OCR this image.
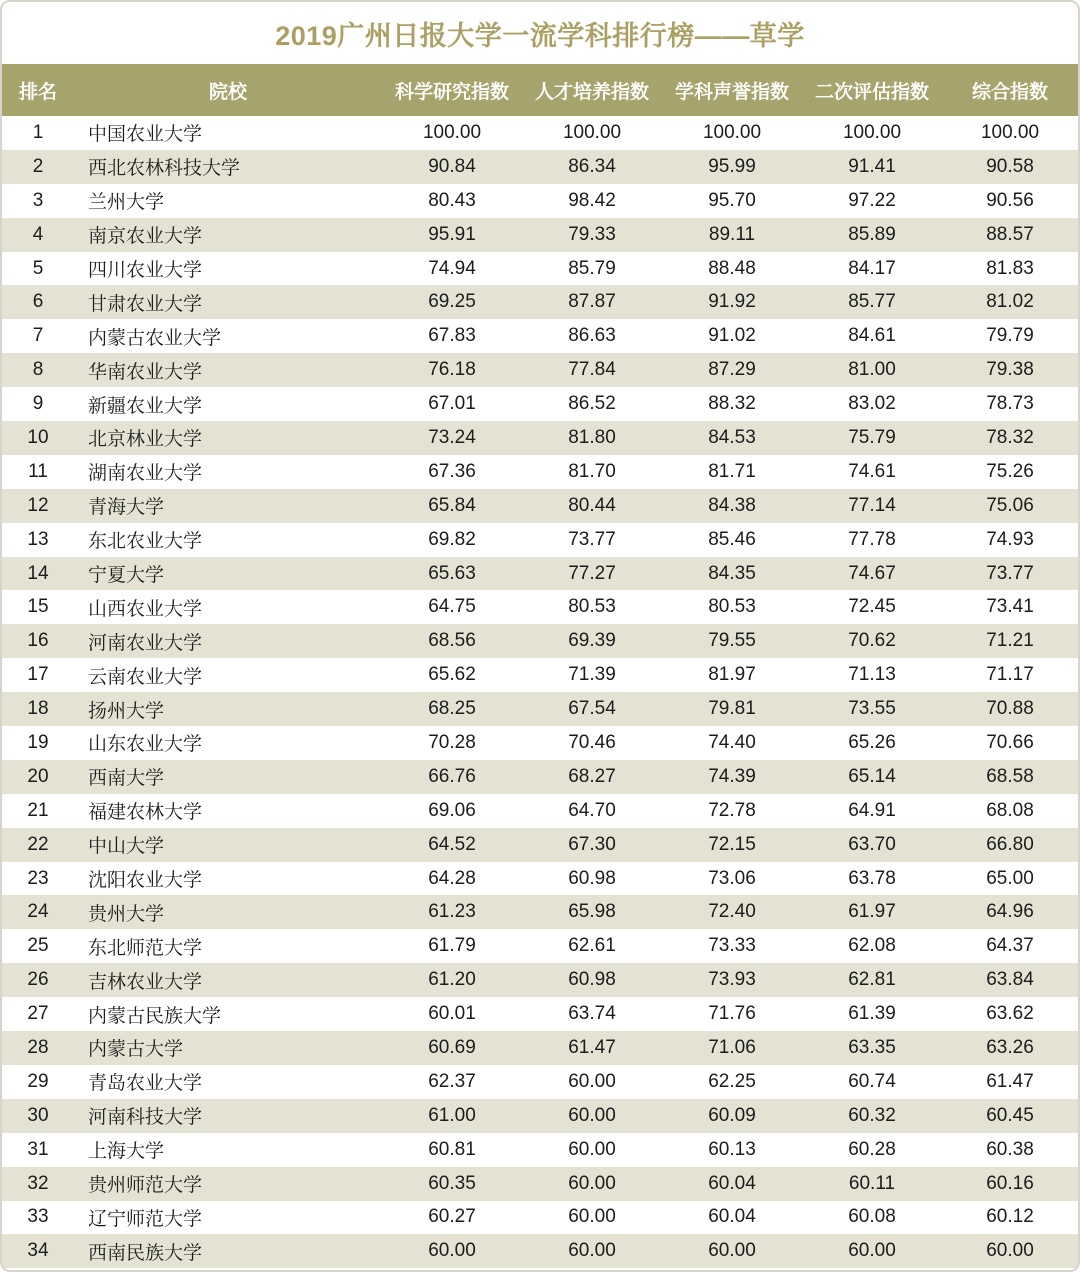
2019广州日报大学一流学科排行榜——草学
排名	院校	科学研究指数	人才培养指数	学科声誉指数	二次评估指数	综合指数
1	中国农业大学	100.00	100.00	100.00	100.00	100.00
2	西北农林科技大学	90.84	86.34	95.99	91.41	90.58
3	兰州大学	80.43	98.42	95.70	97.22	90.56
4	南京农业大学	95.91	79.33	89.11	85.89	88.57
5	四川农业大学	74.94	85.79	88.48	84.17	81.83
6	甘肃农业大学	69.25	87.87	91.92	85.77	81.02
7	内蒙古农业大学	67.83	86.63	91.02	84.61	79.79
8	华南农业大学	76.18	77.84	87.29	81.00	79.38
9	新疆农业大学	67.01	86.52	88.32	83.02	78.73
10	北京林业大学	73.24	81.80	84.53	75.79	78.32
11	湖南农业大学	67.36	81.70	81.71	74.61	75.26
12	青海大学	65.84	80.44	84.38	77.14	75.06
13	东北农业大学	69.82	73.77	85.46	77.78	74.93
14	宁夏大学	65.63	77.27	84.35	74.67	73.77
15	山西农业大学	64.75	80.53	80.53	72.45	73.41
16	河南农业大学	68.56	69.39	79.55	70.62	71.21
17	云南农业大学	65.62	71.39	81.97	71.13	71.17
18	扬州大学	68.25	67.54	79.81	73.55	70.88
19	山东农业大学	70.28	70.46	74.40	65.26	70.66
20	西南大学	66.76	68.27	74.39	65.14	68.58
21	福建农林大学	69.06	64.70	72.78	64.91	68.08
22	中山大学	64.52	67.30	72.15	63.70	66.80
23	沈阳农业大学	64.28	60.98	73.06	63.78	65.00
24	贵州大学	61.23	65.98	72.40	61.97	64.96
25	东北师范大学	61.79	62.61	73.33	62.08	64.37
26	吉林农业大学	61.20	60.98	73.93	62.81	63.84
27	内蒙古民族大学	60.01	63.74	71.76	61.39	63.62
28	内蒙古大学	60.69	61.47	71.06	63.35	63.26
29	青岛农业大学	62.37	60.00	62.25	60.74	61.47
30	河南科技大学	61.00	60.00	60.09	60.32	60.45
31	上海大学	60.81	60.00	60.13	60.28	60.38
32	贵州师范大学	60.35	60.00	60.04	60.11	60.16
33	辽宁师范大学	60.27	60.00	60.04	60.08	60.12
34	西南民族大学	60.00	60.00	60.00	60.00	60.00
